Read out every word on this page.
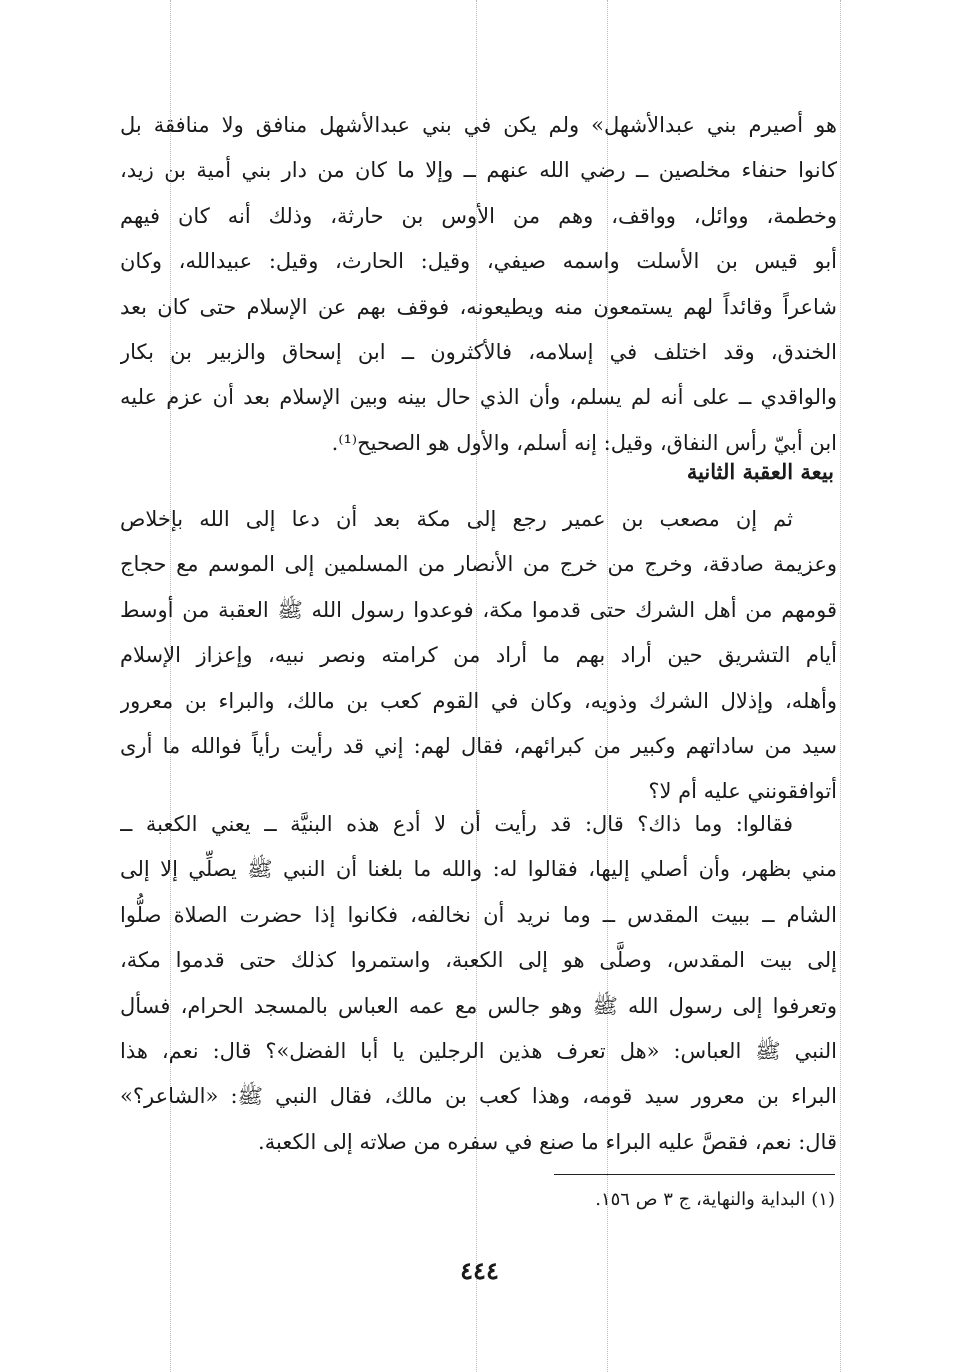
هو أصيرم بني عبدالأشهل» ولم يكن في بني عبدالأشهل منافق ولا منافقة بل
كانوا حنفاء مخلصين ــ رضي الله عنهم ــ وإلا ما كان من دار بني أمية بن زيد،
وخطمة، ووائل، وواقف، وهم من الأوس بن حارثة، وذلك أنه كان فيهم
أبو قيس بن الأسلت واسمه صيفي، وقيل: الحارث، وقيل: عبيدالله، وكان
شاعراً وقائداً لهم يستمعون منه ويطيعونه، فوقف بهم عن الإسلام حتى كان بعد
الخندق، وقد اختلف في إسلامه، فالأكثرون ــ ابن إسحاق والزبير بن بكار
والواقدي ــ على أنه لم يسلم، وأن الذي حال بينه وبين الإسلام بعد أن عزم عليه
ابن أبيّ رأس النفاق، وقيل: إنه أسلم، والأول هو الصحيح⁽¹⁾.
بيعة العقبة الثانية
ثم إن مصعب بن عمير رجع إلى مكة بعد أن دعا إلى الله بإخلاص
وعزيمة صادقة، وخرج من خرج من الأنصار من المسلمين إلى الموسم مع حجاج
قومهم من أهل الشرك حتى قدموا مكة، فوعدوا رسول الله ﷺ العقبة من أوسط
أيام التشريق حين أراد بهم ما أراد من كرامته ونصر نبيه، وإعزاز الإسلام
وأهله، وإذلال الشرك وذويه، وكان في القوم كعب بن مالك، والبراء بن معرور
سيد من ساداتهم وكبير من كبرائهم، فقال لهم: إني قد رأيت رأياً فوالله ما أرى
أتوافقونني عليه أم لا؟
فقالوا: وما ذاك؟ قال: قد رأيت أن لا أدع هذه البنيَّة ــ يعني الكعبة ــ
مني بظهر، وأن أصلي إليها، فقالوا له: والله ما بلغنا أن النبي ﷺ يصلِّي إلا إلى
الشام ــ ببيت المقدس ــ وما نريد أن نخالفه، فكانوا إذا حضرت الصلاة صلُّوا
إلى بيت المقدس، وصلَّى هو إلى الكعبة، واستمروا كذلك حتى قدموا مكة،
وتعرفوا إلى رسول الله ﷺ وهو جالس مع عمه العباس بالمسجد الحرام، فسأل
النبي ﷺ العباس: «هل تعرف هذين الرجلين يا أبا الفضل»؟ قال: نعم، هذا
البراء بن معرور سيد قومه، وهذا كعب بن مالك، فقال النبي ﷺ: «الشاعر؟»
قال: نعم، فقصَّ عليه البراء ما صنع في سفره من صلاته إلى الكعبة.
(١) البداية والنهاية، ج ٣ ص ١٥٦.
٤٤٤
